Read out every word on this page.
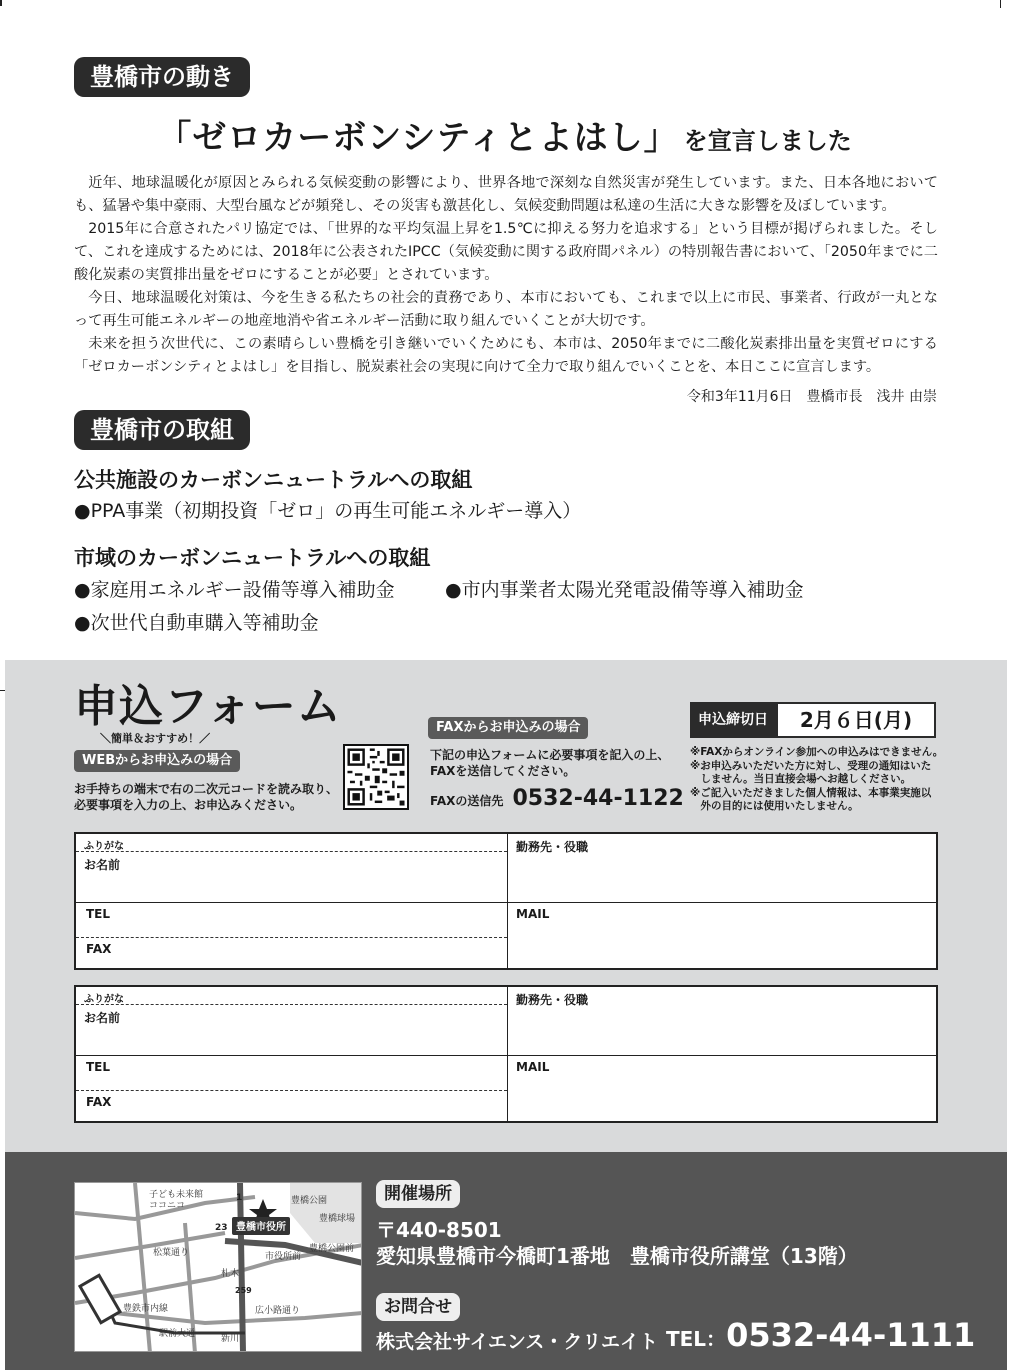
豊橋市の動き
「ゼロカーボンシティとよはし」 を宣言しました

近年、地球温暖化が原因とみられる気候変動の影響により、世界各地で深刻な自然災害が発生しています。また、日本各地においても、猛暑や集中豪雨、大型台風などが頻発し、その災害も激甚化し、気候変動問題は私達の生活に大きな影響を及ぼしています。

2015年に合意されたパリ協定では、「世界的な平均気温上昇を1.5℃に抑える努力を追求する」という目標が掲げられました。そして、これを達成するためには、2018年に公表されたIPCC（気候変動に関する政府間パネル）の特別報告書において、「2050年までに二酸化炭素の実質排出量をゼロにすることが必要」とされています。

今日、地球温暖化対策は、今を生きる私たちの社会的責務であり、本市においても、これまで以上に市民、事業者、行政が一丸となって再生可能エネルギーの地産地消や省エネルギー活動に取り組んでいくことが大切です。

未来を担う次世代に、この素晴らしい豊橋を引き継いでいくためにも、本市は、2050年までに二酸化炭素排出量を実質ゼロにする「ゼロカーボンシティとよはし」を目指し、脱炭素社会の実現に向けて全力で取り組んでいくことを、本日ここに宣言します。

令和3年11月6日　豊橋市長　浅井 由崇
豊橋市の取組
公共施設のカーボンニュートラルへの取組
●PPA事業（初期投資「ゼロ」の再生可能エネルギー導入）
市域のカーボンニュートラルへの取組
●家庭用エネルギー設備等導入補助金	●市内事業者太陽光発電設備等導入補助金
●次世代自動車購入等補助金
申込フォーム
＼簡単＆おすすめ！／
WEBからお申込みの場合
お手持ちの端末で右の二次元コードを読み取り、
必要事項を入力の上、お申込みください。
FAXからお申込みの場合
下記の申込フォームに必要事項を記入の上、
FAXを送信してください。
FAXの送信先 0532-44-1122
申込締切日	2月６日(月)
※FAXからオンライン参加への申込みはできません。
※お申込みいただいた方に対し、受理の通知はいた
　しません。当日直接会場へお越しください。
※ご記入いただきました個人情報は、本事業実施以
　外の目的には使用いたしません。
ふりがな
お名前
勤務先・役職
TEL	MAIL
FAX
ふりがな
お名前
勤務先・役職
TEL	MAIL
FAX
豊橋市役所
子ども未来館
ココニコ	豊橋公園
豊橋球場
市役所前
豊橋公園前
札木
松葉通り
豊鉄市内線
駅前大通	新川
広小路通り
1
23
259
開催場所
〒440-8501
愛知県豊橋市今橋町1番地　豊橋市役所講堂（13階）
お問合せ
株式会社サイエンス・クリエイト TEL：0532-44-1111
